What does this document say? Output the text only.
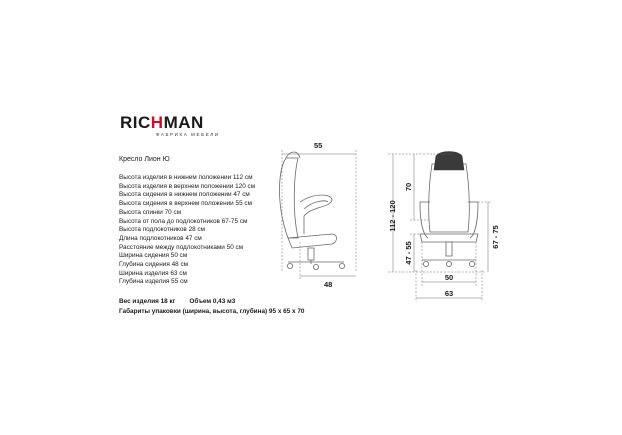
RICHMAN
ФАБРИКА МЕБЕЛИ
Кресло Лион Ю
Высота изделия в нижнем положении 112 см
Высота изделия в верхнем положении 120 см
Высота сидения в нижнем положении 47 см
Высота сидения в верхнем положении 55 см
Высота спинки 70 см
Высота от пола до подлокотников 67-75 см
Высота подлокотников 28 см
Длина подлокотников 47 см
Расстояние между подлокотниками 50 см
Ширина сидения 50 см
Глубина сидения 48 см
Ширина изделия 63 см
Глубина изделия 55 см
Вес изделия 18 кг Объем 0,43 м3
Габариты упаковки (ширина, высота, глубина) 95 х 65 х 70
55
48
112 - 120
70
47 - 55
67 - 75
50
63
